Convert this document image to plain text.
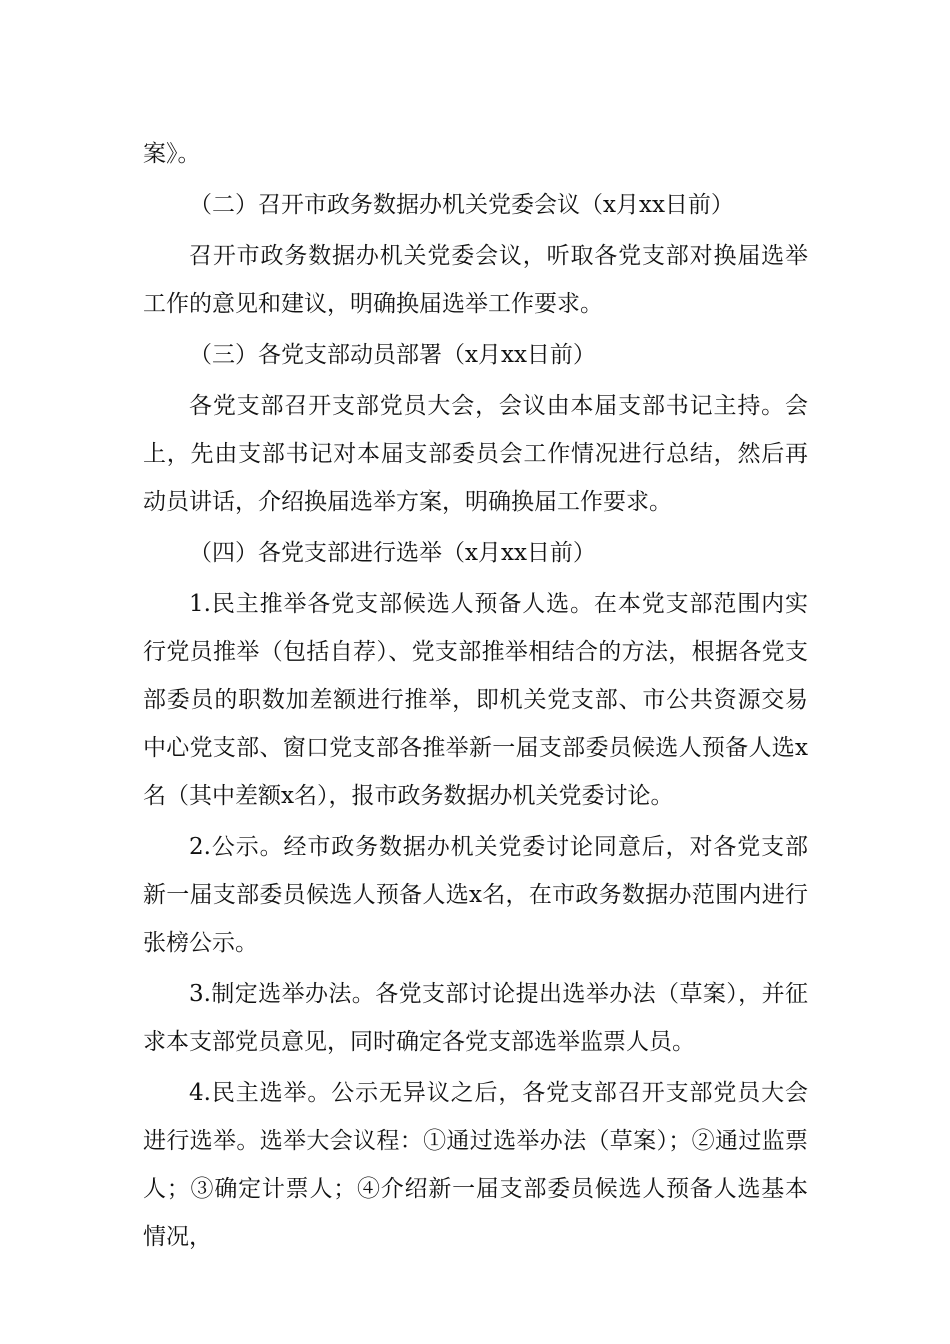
案》。

（二）召开市政务数据办机关党委会议（x月xx日前）

召开市政务数据办机关党委会议，听取各党支部对换届选举工作的意见和建议，明确换届选举工作要求。

（三）各党支部动员部署（x月xx日前）

各党支部召开支部党员大会，会议由本届支部书记主持。会上，先由支部书记对本届支部委员会工作情况进行总结，然后再动员讲话，介绍换届选举方案，明确换届工作要求。

（四）各党支部进行选举（x月xx日前）

1.民主推举各党支部候选人预备人选。在本党支部范围内实行党员推举（包括自荐）、党支部推举相结合的方法，根据各党支部委员的职数加差额进行推举，即机关党支部、市公共资源交易中心党支部、窗口党支部各推举新一届支部委员候选人预备人选x名（其中差额x名），报市政务数据办机关党委讨论。

2.公示。经市政务数据办机关党委讨论同意后，对各党支部新一届支部委员候选人预备人选x名，在市政务数据办范围内进行张榜公示。

3.制定选举办法。各党支部讨论提出选举办法（草案），并征求本支部党员意见，同时确定各党支部选举监票人员。

4.民主选举。公示无异议之后，各党支部召开支部党员大会进行选举。选举大会议程：①通过选举办法（草案）；②通过监票人；③确定计票人；④介绍新一届支部委员候选人预备人选基本情况，
